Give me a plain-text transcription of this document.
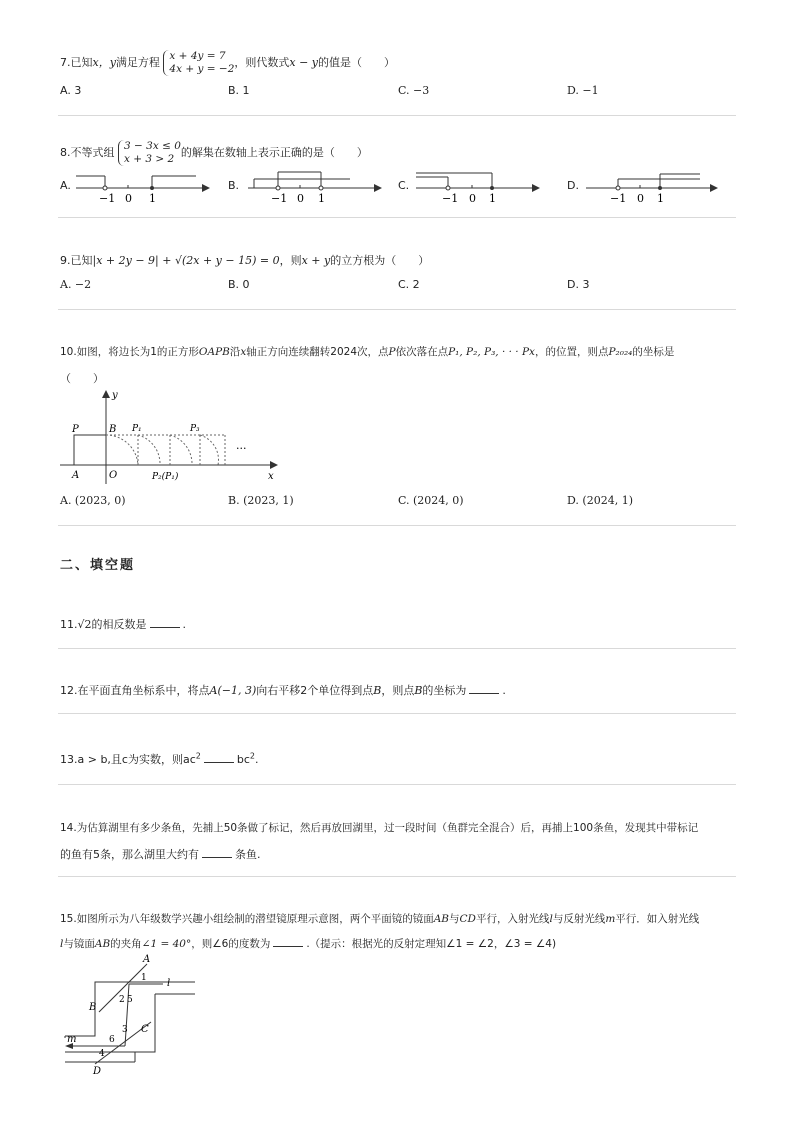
7.已知x，y满足方程 x + 4y = 7
4x + y = −2，则代数式x − y的值是（　　）
A. 3	B. 1	C. −3	D. −1
8.不等式组 3 − 3x ≤ 0
x + 3 > 2 的解集在数轴上表示正确的是（　　）
A.
−1 0 1
B.
−1 0 1
C.
−1 0 1
D.
−1 0 1
9.已知|x + 2y − 9| + √(2x + y − 15) = 0，则x + y的立方根为（　　）
A. −2	B. 0	C. 2	D. 3
10.如图，将边长为1的正方形OAPB沿x轴正方向连续翻转2024次，点P依次落在点P₁, P₂, P₃, · · · P𝑥，的位置，则点P₂₀₂₄的坐标是
（　　）
y
x
P	B
A	O
P₁	P₃
P₂(P₁)
···
A. (2023, 0)	B. (2023, 1)	C. (2024, 0)	D. (2024, 1)
二、填空题
11.√2的相反数是	.
12.在平面直角坐标系中，将点A(−1, 3)向右平移2个单位得到点B，则点B的坐标为	.
13.a > b,且c为实数，则$ac^2$	$bc^2$.
14.为估算湖里有多少条鱼，先捕上50条做了标记，然后再放回湖里，过一段时间（鱼群完全混合）后，再捕上100条鱼，发现其中带标记
的鱼有5条，那么湖里大约有	条鱼.
15.如图所示为八年级数学兴趣小组绘制的潜望镜原理示意图，两个平面镜的镜面AB与CD平行，入射光线l与反射光线m平行．如入射光线
l与镜面AB的夹角∠1 = 40°，则∠6的度数为	.（提示：根据光的反射定理知∠1 = ∠2，∠3 = ∠4)
A
B
C
D
l
m
1
2
3
4
5
6
